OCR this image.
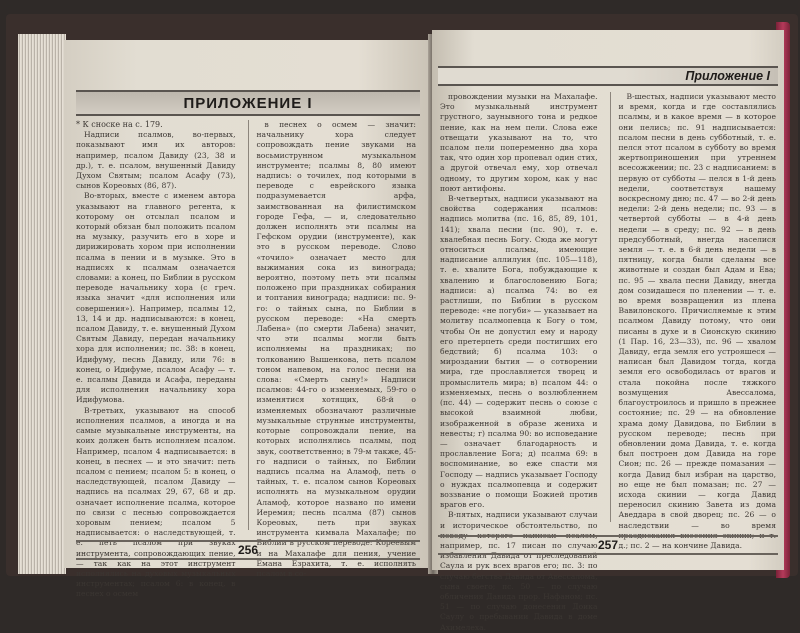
ПРИЛОЖЕНИЕ I

* К сноске на с. 179.

Надписи псалмов, во-первых, показывают имя их авторов: например, псалом Давиду (23, 38 и др.), т. е. псалом, внушенный Давиду Духом Святым; псалом Асафу (73), сынов Кореовых (86, 87).

Во-вторых, вместе с именем автора указывают на главного регента, к которому он отсылал псалом и который обязан был положить псалом на музыку, разучить его в хоре и дирижировать хором при исполнении псалма в пении и в музыке. Это в надписях к псалмам означается словами: а конец, по Библии в русском переводе начальнику хора (с греч. языка значит «для исполнения или совершения»). Например, псалмы 12, 13, 14 и др. надписываются: в конец, псалом Давиду, т. е. внушенный Духом Святым Давиду, передан начальнику хора для исполнения; пс. 38: в конец, Идифуму, песнь Давиду, или 76: в конец, о Идифуме, псалом Асафу — т. е. псалмы Давида и Асафа, переданы для исполнения начальнику хора Идифумова.

В-третьих, указывают на способ исполнения псалмов, а иногда и на самые музыкальные инструменты, на коих должен быть исполняем псалом. Например, псалом 4 надписывается: в конец, в песнех — и это значит: петь псалом с пением; псалом 5: в конец, о наследствующей, псалом Давиду — надпись на псалмах 29, 67, 68 и др. означает исполнение псалма, которое по связи с песнью сопровождается хоровым пением; псалом 5 надписывается: о наследствующей, т. е. петь псалом при звуках инструмента, сопровождающих пение, — так как на этот инструмент исполнялись на духовых музыкальных инструментах; псалом 6: в конец, в песнех о осмем

в песнех о осмем — значит: начальнику хора следует сопровождать пение звуками на восьмиструнном музыкальном инструменте; псалмы 8, 80 имеют надпись: о точилех, под которыми в переводе с еврейского языка подразумевается арфа, заимствованная на филистимском городе Гефа, — и, следовательно должен исполнять эти псалмы на Гефском орудии (инструменте), как это в русском переводе. Слово «точило» означает место для выжимания сока из винограда; вероятно, поэтому петь эти псалмы положено при праздниках собирания и топтания винограда; надписи: пс. 9-го: о тайных сына, по Библии в русском переводе: «На смерть Лабена» (по смерти Лабена) значит, что эти псалмы могли быть исполняемы на праздниках; по толкованию Вышенкова, петь псалом тоном напевом, на голос песни на слова: «Смерть сыну!» Надписи псалмов: 44-го о изменяемых, 59-го о изменятися хотящих, 68-й о изменяемых обозначают различные музыкальные струнные инструменты, которые сопровождали пение, на которых исполнялись псалмы, под звук, соответственно; в 79-м также, 45-го надписи о тайных, по Библии надпись псалма на Аламоф, петь о тайных, т. е. псалом сынов Кореовых исполнять на музыкальном орудии Аламоф, которое названо по имени Иеремия; песнь псалма (87) сынов Кореовых, петь при звуках инструмента кимвала Махалафе; по Библии в русском переводе: Кореевым и на Махалафе для пения, учение Емана Езрахита, т. е. исполнять псалом в со-

256
Приложение I

провождении музыки на Махалафе. Это музыкальный инструмент грустного, заунывного тона и редкое пение, как на нем пели. Слова еже отвещати указывают на то, что псалом пели попеременно два хора так, что один хор пропевал один стих, а другой отвечал ему, хор отвечал одному, то другим хором, как у нас поют антифоны.

В-четвертых, надписи указывают на свойства содержания псалмов: надпись молитва (пс. 16, 85, 89, 101, 141); хвала песни (пс. 90), т. е. хвалебная песнь Богу. Сюда же могут относиться псалмы, имеющие надписание аллилуия (пс. 105—118), т. е. хвалите Бога, побуждающие к хвалению и благословению Бога; надписи: а) псалма 74: во ея растлиши, по Библии в русском переводе: «не погуби» — указывает на молитву псалмопевца к Богу о том, чтобы Он не допустил ему и народу его претерпеть среди постигших его бедствий; б) псалма 103: о мироздании бытия — о сотворении мира, где прославляется творец и промыслитель мира; в) псалом 44: о изменяемых, песнь о возлюбленнем (пс. 44) — содержит песнь о союзе с высокой взаимной любви, изображенной в образе жениха и невесты; г) псалма 90: во исповедание — означает благодарность и прославление Бога; д) псалма 69: в воспоминание, во еже спасти мя Господу — надпись указывает Господу о нуждах псалмопевца и содержит воззвание о помощи Божией против врагов его.

В-пятых, надписи указывают случаи и историческое обстоятельство, по поводу которого написан псалом, например, пс. 17 писан по случаю избавления Давида от преследований Саула и рук всех врагов его; пс. 3: по случаю бегства Давида от Авессалома, сына своего; пс. 50 — по случаю обличения Давида прор. Нафаном; пс. 51 — по случаю донесения Доика Саулу о пребывании Давида в доме Ахимелеха.

В-шестых, надписи указывают место и время, когда и где составлялись псалмы, и в какое время — в которое они пелись; пс. 91 надписывается: псалом песни в день субботный, т. е. пелся этот псалом в субботу во время жертвоприношения при утреннем всесожжении; пс. 23 с надписанием: в первую от субботы — пелся в 1-й день недели, соответствуя нашему воскресному дню; пс. 47 — во 2-й день недели: 2-й день недели; пс. 93 — в четвертой субботы — в 4-й день недели — в среду; пс. 92 — в день предсубботный, внегда населися земля — т. е. в 6-й день недели — в пятницу, когда были сделаны все животные и создан был Адам и Ева; пс. 95 — хвала песни Давиду, внегда дом созидашеся по пленении — т. е. во время возвращения из плена Вавилонского. Причисляемые к этим псалмом Давиду потому, что они писаны в духе и в Сионскую скинию (1 Пар. 16, 23—33), пс. 96 — хвалом Давиду, егда земля его устрояшеся — написан был Давидом тогда, когда земля его освободилась от врагов и стала покойна после тяжкого возмущения Авессалома, благоустроилось и пришло в прежнее состояние; пс. 29 — на обновление храма дому Давидова, по Библии в русском переводе; песнь при обновлении дома Давида, т. е. когда был построен дом Давида на горе Сион; пс. 26 — прежде помазания — когда Давид был избран на царство, но еще не был помазан; пс. 27 — исхода скинии — когда Давид переносил скинию Завета из дома Аведдара в свой дворец; пс. 26 — о наследствии — во время празднования внесения скинии; и т. д.; пс. 2 — на кончине Давида.

257
